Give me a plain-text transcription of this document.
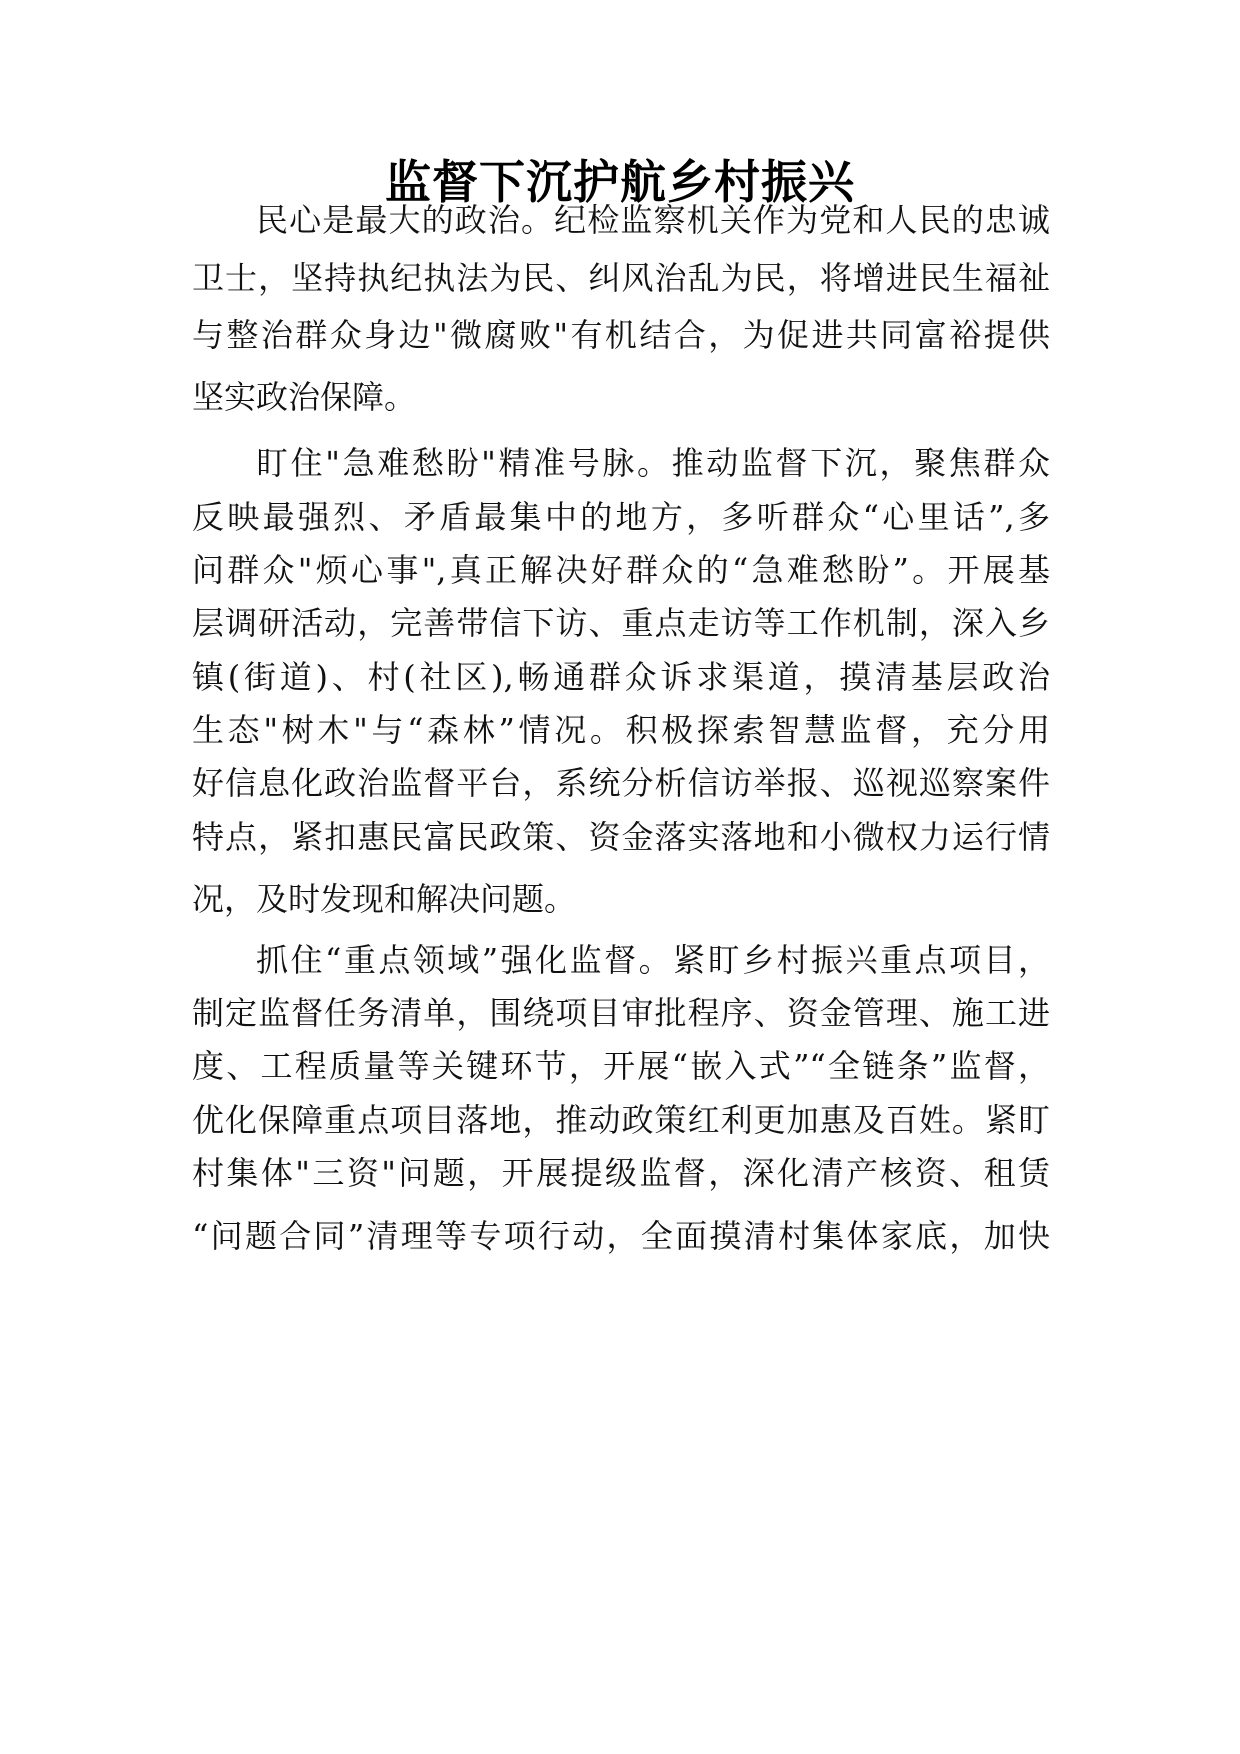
监督下沉护航乡村振兴
民心是最大的政治。纪检监察机关作为党和人民的忠诚
卫士，坚持执纪执法为民、纠风治乱为民，将增进民生福祉
与整治群众身边"微腐败"有机结合，为促进共同富裕提供
坚实政治保障。
盯住"急难愁盼"精准号脉。推动监督下沉，聚焦群众
反映最强烈、矛盾最集中的地方，多听群众“心里话”,多
问群众"烦心事",真正解决好群众的“急难愁盼”。开展基
层调研活动，完善带信下访、重点走访等工作机制，深入乡
镇(街道)、村(社区),畅通群众诉求渠道，摸清基层政治
生态"树木"与“森林”情况。积极探索智慧监督，充分用
好信息化政治监督平台，系统分析信访举报、巡视巡察案件
特点，紧扣惠民富民政策、资金落实落地和小微权力运行情
况，及时发现和解决问题。
抓住“重点领域”强化监督。紧盯乡村振兴重点项目，
制定监督任务清单，围绕项目审批程序、资金管理、施工进
度、工程质量等关键环节，开展“嵌入式”“全链条”监督，
优化保障重点项目落地，推动政策红利更加惠及百姓。紧盯
村集体"三资"问题，开展提级监督，深化清产核资、租赁
“问题合同”清理等专项行动，全面摸清村集体家底，加快
